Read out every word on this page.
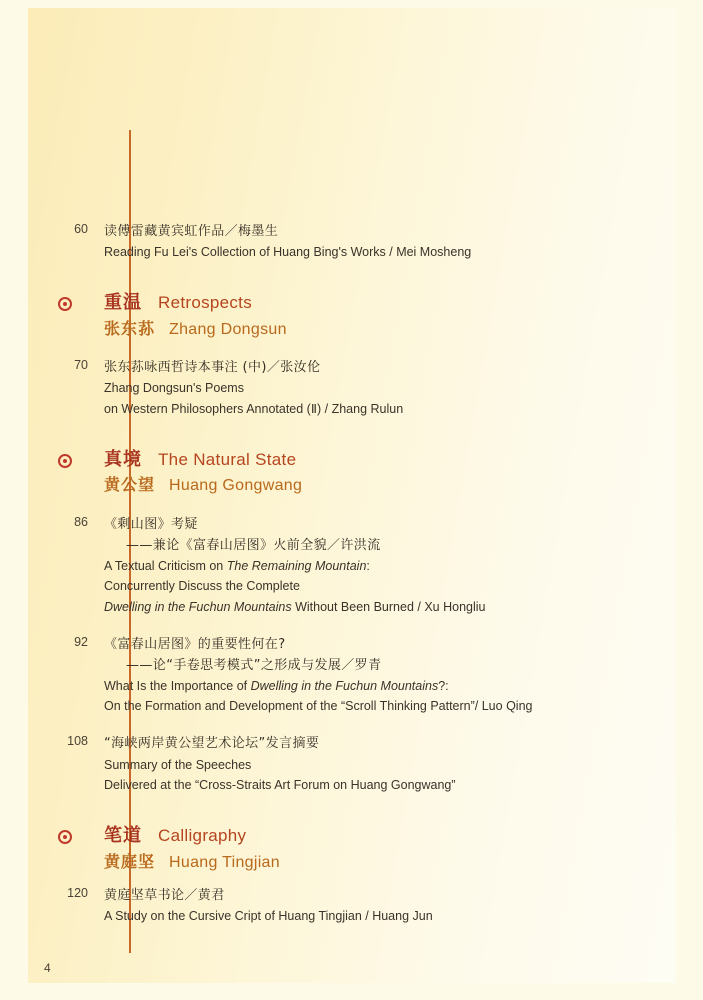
60 读傅雷藏黄宾虹作品／梅墨生
Reading Fu Lei's Collection of Huang Bing's Works / Mei Mosheng
重温 Retrospects
张东荪 Zhang Dongsun
70 张东荪咏西哲诗本事注 (中)／张汝伦
Zhang Dongsun's Poems
on Western Philosophers Annotated (Ⅱ) / Zhang Rulun
真境 The Natural State
黄公望 Huang Gongwang
86 《剩山图》考疑
——兼论《富春山居图》火前全貌／许洪流
A Textual Criticism on The Remaining Mountain:
Concurrently Discuss the Complete
Dwelling in the Fuchun Mountains Without Been Burned / Xu Hongliu
92 《富春山居图》的重要性何在?
——论“手卷思考模式”之形成与发展／罗青
What Is the Importance of Dwelling in the Fuchun Mountains?:
On the Formation and Development of the “Scroll Thinking Pattern”/ Luo Qing
108 “海峡两岸黄公望艺术论坛”发言摘要
Summary of the Speeches
Delivered at the “Cross-Straits Art Forum on Huang Gongwang”
笔道 Calligraphy
黄庭坚 Huang Tingjian
120 黄庭坚草书论／黄君
A Study on the Cursive Cript of Huang Tingjian / Huang Jun
4
